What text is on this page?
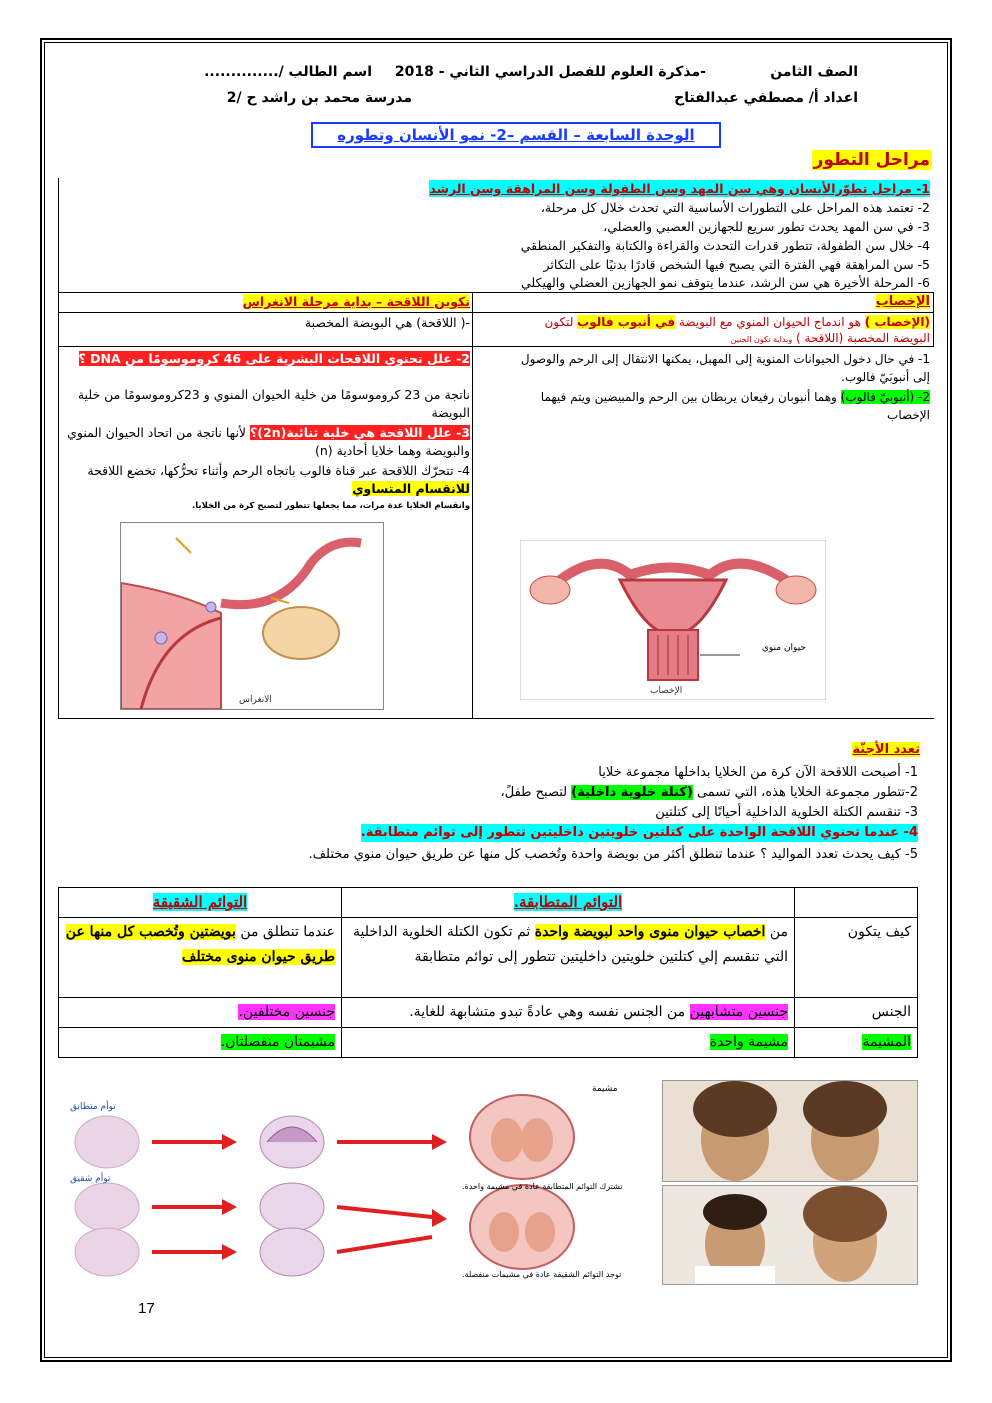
الصف الثامن
-مذكرة العلوم للفصل الدراسي الثاني - 2018
اسم الطالب /..............
اعداد أ/ مصطفي عبدالفتاح
مدرسة محمد بن راشد ح /2
الوحدة السابعة – القسم –2- نمو الأنسان وتطوره
مراحل التطور
1- مراحل تطوّرالأنسان وهي سن المهد وسن الطفولة وسن المراهقة وسن الرشد
2- تعتمد هذه المراحل على التطورات الأساسية التي تحدث خلال كل مرحلة،
3- في سن المهد يحدث تطور سريع للجهازين العصبي والعضلي،
4- خلال سن الطفولة، تتطور قدرات التحدث والقراءة والكتابة والتفكير المنطقي
5- سن المراهقة فهي الفترة التي يصبح فيها الشخص قادرًا بدنيًا على التكاثر
6- المرحلة الأخيرة هي سن الرشد، عندما يتوقف نمو الجهازين العضلي والهيكلي
الإخصاب
(الإخصاب ) هو اندماج الحيوان المنوي مع البويضة في أنبوب فالوب لتكون البويضة المخصبة (اللاقحة ) وبداية تكون الجنين
1- في حال دخول الحيوانات المنوية إلى المهبل، يمكنها الانتقال إلى الرحم والوصول إلى أنبوبَيّ فالوب.
2- (أنبوبيّ فالوب) وهما أنبوبان رفيعان يربطان بين الرحم والمبيضين ويتم فيهما الإخصاب
حيوان منوي
الإخصاب
تكوين اللاقحة – بداية مرحلة الانغراس
-( اللاقحة) هي البويضة المخصبة
2- علل تحتوي اللاقحات البشرية على 46 كروموسومًا من DNA ؟
ناتجة من 23 كروموسومًا من خلية الحيوان المنوي و 23كروموسومًا من خلية البويضة
3- علل اللاقحة هي خلية ثنائية(2n)؟ لأنها ناتجة من اتحاد الحيوان المنوي والبويضة وهما خلايا أحادية (n)
4- تتحرّك اللاقحة عبر قناة فالوب باتجاه الرحم وأثناء تحرُّكها، تخضع اللاقحة للانقسام المتساوي
وانقسام الخلايا عدة مرات، مما يجعلها تتطور لتصبح كرة من الخلايا.
الانغراس
تعدد الأجنّة
1- أصبحت اللاقحة الآن كرة من الخلايا بداخلها مجموعة خلايا
2-تتطور مجموعة الخلايا هذه، التي تسمى (كتلة خلوية داخلية) لتصبح طفلً،
3- تنقسم الكتلة الخلوية الداخلية أحيانًا إلى كتلتين
4- عندما تحتوي اللاقحة الواحدة على كتلتين خلويتين داخليتين تتطور إلى توائم متطابقة.
5- كيف يحدث تعدد المواليد ؟ عندما تنطلق أكثر من بويضة واحدة وتُخصب كل منها عن طريق حيوان منوي مختلف.
	التوائم المتطابقة.	التوائم الشقيقة
كيف يتكون	من اخصاب حيوان منوى واحد لبويضة واحدة ثم تكون الكتلة الخلوية الداخلية التي تنقسم إلي كتلتين خلويتين داخليتين تتطور إلى توائم متطابقة	عندما تنطلق من بويضتين وتُخصب كل منها عن طريق حيوان منوى مختلف
الجنس	جنسين متشابهين من الجنس نفسه وهي عادةً تبدو متشابهة للغاية.	جنسين مختلفين.
المشيمة	مشيمة واحدة	مشيمتان منفصلتان.
توأم متطابق
توأم شقيق
مشيمة
تشترك التوائم المتطابقة عادة في مشيمة واحدة.
توجد التوائم الشقيقة عادة في مشيمات منفصلة.
17
